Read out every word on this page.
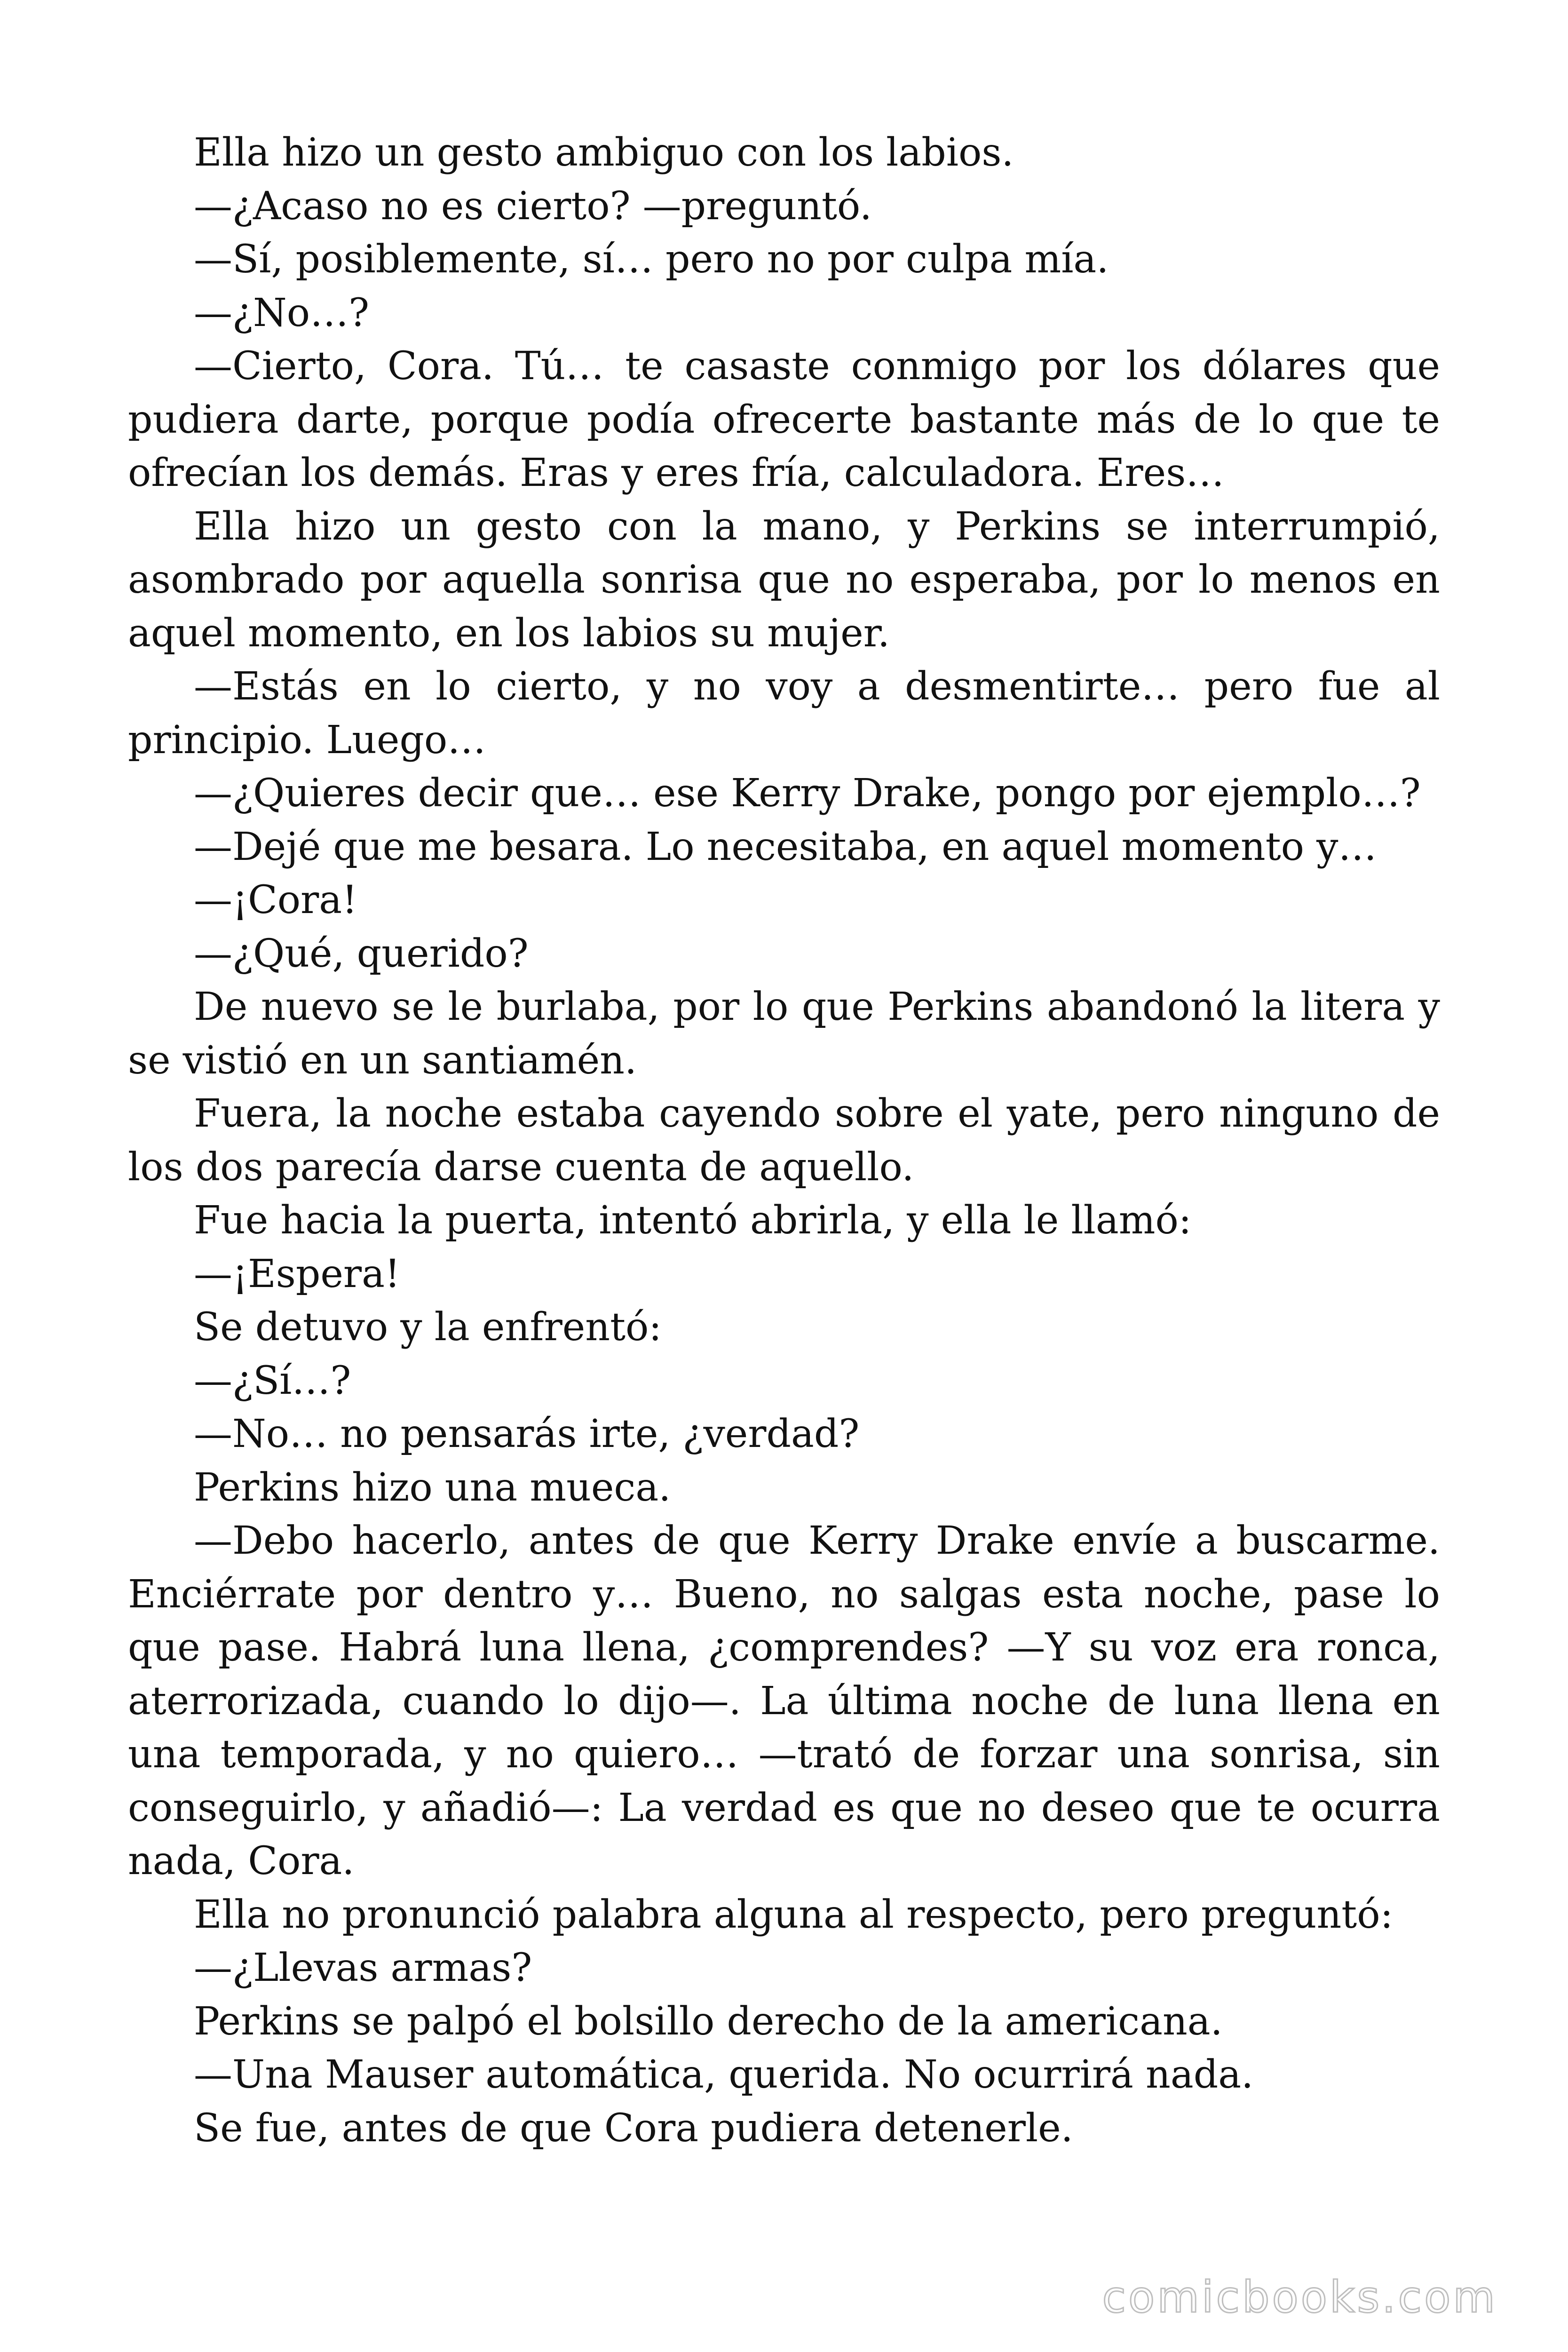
Ella hizo un gesto ambiguo con los labios.

—¿Acaso no es cierto? —preguntó.

—Sí, posiblemente, sí… pero no por culpa mía.

—¿No…?

—Cierto, Cora. Tú… te casaste conmigo por los dólares que pudiera darte, porque podía ofrecerte bastante más de lo que te ofrecían los demás. Eras y eres fría, calculadora. Eres…

Ella hizo un gesto con la mano, y Perkins se interrumpió, asombrado por aquella sonrisa que no esperaba, por lo menos en aquel momento, en los labios su mujer.

—Estás en lo cierto, y no voy a desmentirte… pero fue al principio. Luego…

—¿Quieres decir que… ese Kerry Drake, pongo por ejemplo…?

—Dejé que me besara. Lo necesitaba, en aquel momento y…

—¡Cora!

—¿Qué, querido?

De nuevo se le burlaba, por lo que Perkins abandonó la litera y se vistió en un santiamén.

Fuera, la noche estaba cayendo sobre el yate, pero ninguno de los dos parecía darse cuenta de aquello.

Fue hacia la puerta, intentó abrirla, y ella le llamó:

—¡Espera!

Se detuvo y la enfrentó:

—¿Sí…?

—No… no pensarás irte, ¿verdad?

Perkins hizo una mueca.

—Debo hacerlo, antes de que Kerry Drake envíe a buscarme. Enciérrate por dentro y… Bueno, no salgas esta noche, pase lo que pase. Habrá luna llena, ¿comprendes? —Y su voz era ronca, aterrorizada, cuando lo dijo—. La última noche de luna llena en una temporada, y no quiero… —trató de forzar una sonrisa, sin conseguirlo, y añadió—: La verdad es que no deseo que te ocurra nada, Cora.

Ella no pronunció palabra alguna al respecto, pero preguntó:

—¿Llevas armas?

Perkins se palpó el bolsillo derecho de la americana.

—Una Mauser automática, querida. No ocurrirá nada.

Se fue, antes de que Cora pudiera detenerle.

comicbooks.com
